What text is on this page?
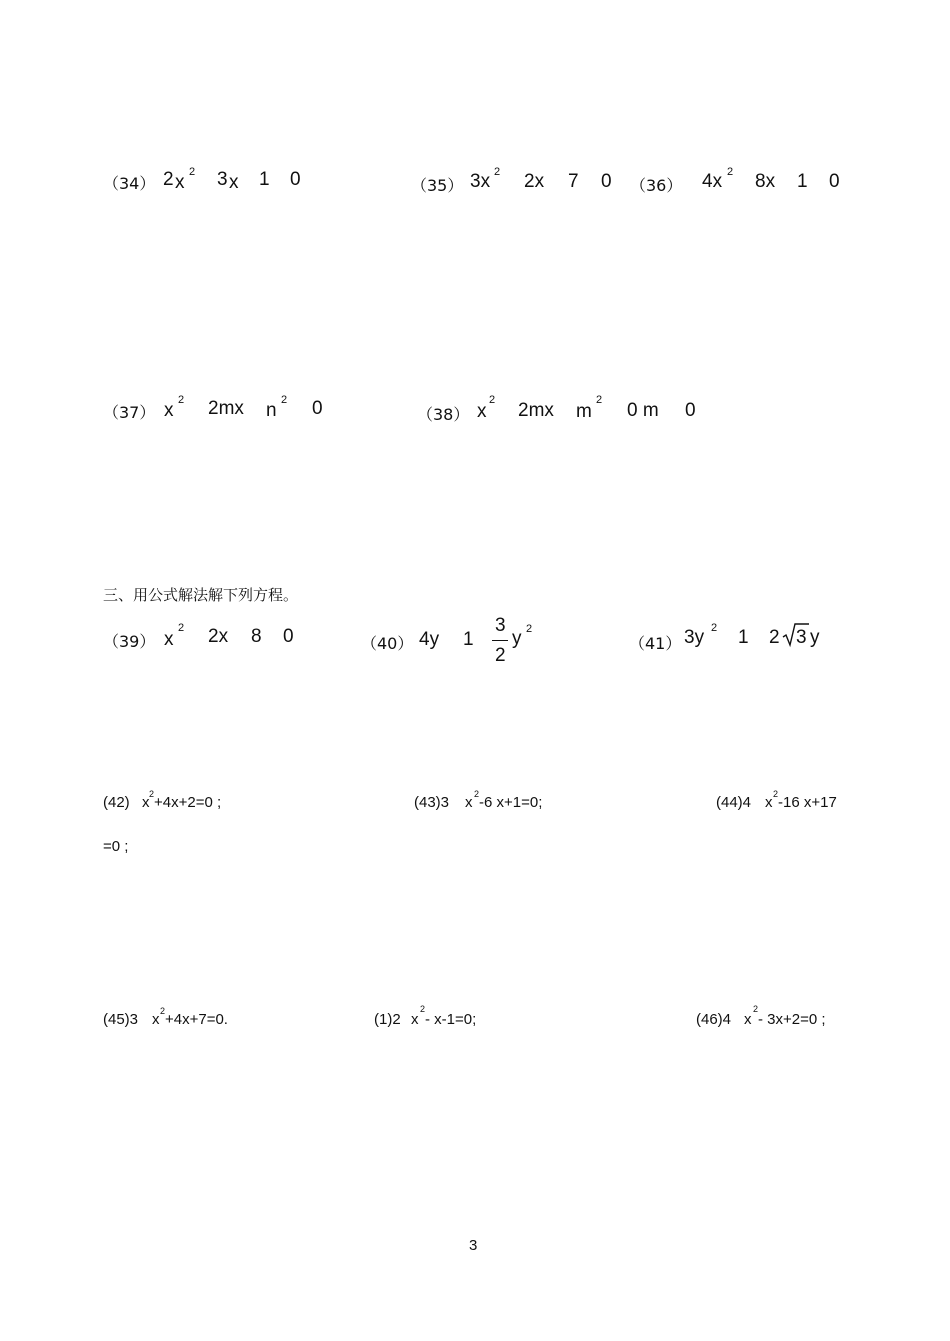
（34） 2 x 2 3 x 1 0	（35） 3x 2 2x 7 0 （36） 4x 2 8x 1 0
（37） x 2 2mx n 2 0	（38） x
2 2mx m
2 0 m 0
三、用公式解法解下列方程。
（39） x
2 2x 8 0	（40） 4y 1
3
2
y 2
（41） 3y 2 1 2 3 y
(42) x 2 +4x+2=0 ;	(43)3 x 2 -6 x+1=0;	(44)4 x 2 -16 x+17
=0 ;
(45)3 x 2 +4x+7=0.	(1)2 x
2
- x-1=0;	(46)4 x
2
- 3x+2=0 ;
3
